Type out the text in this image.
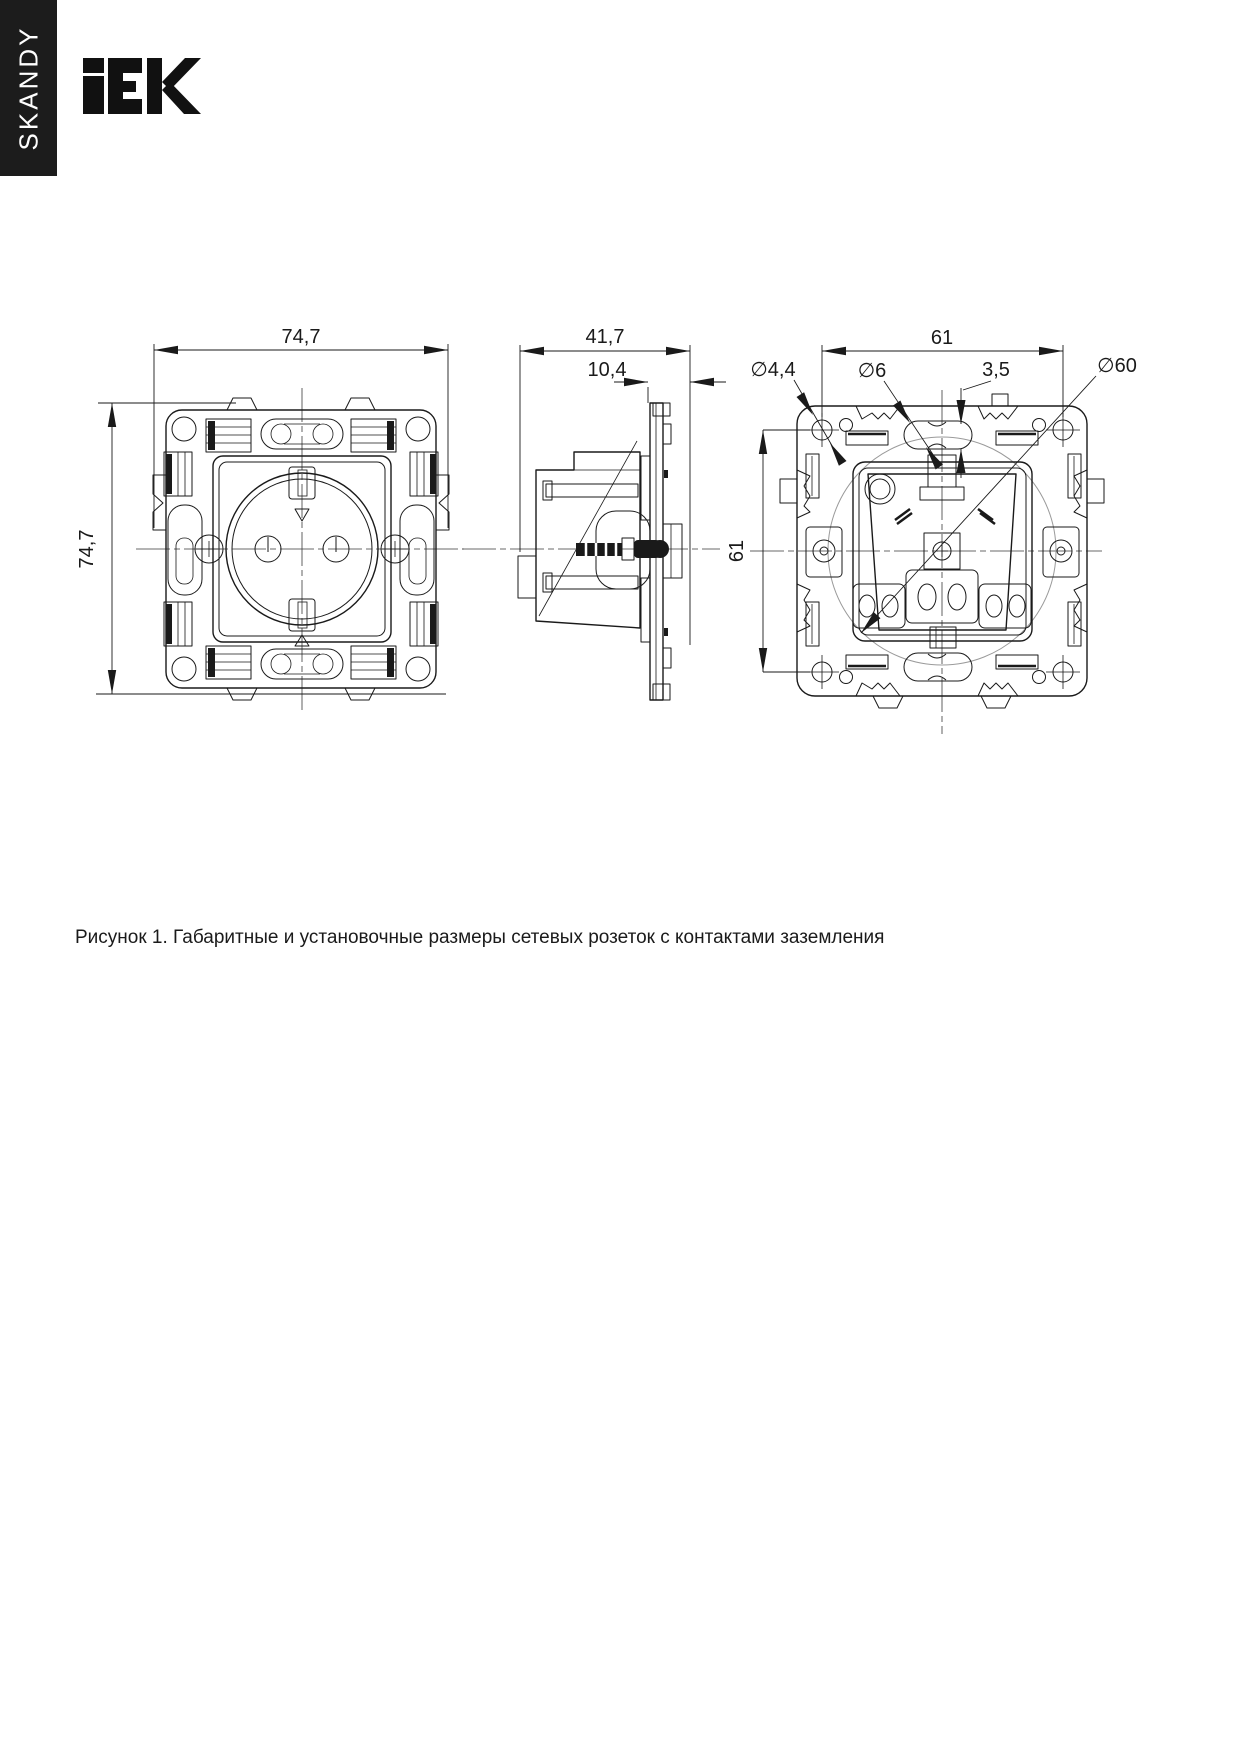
SKANDY
74,7
74,7
41,7
10,4
61
61
∅4,4	∅6	3,5	∅60
Рисунок 1. Габаритные и установочные размеры сетевых розеток с контактами заземления
